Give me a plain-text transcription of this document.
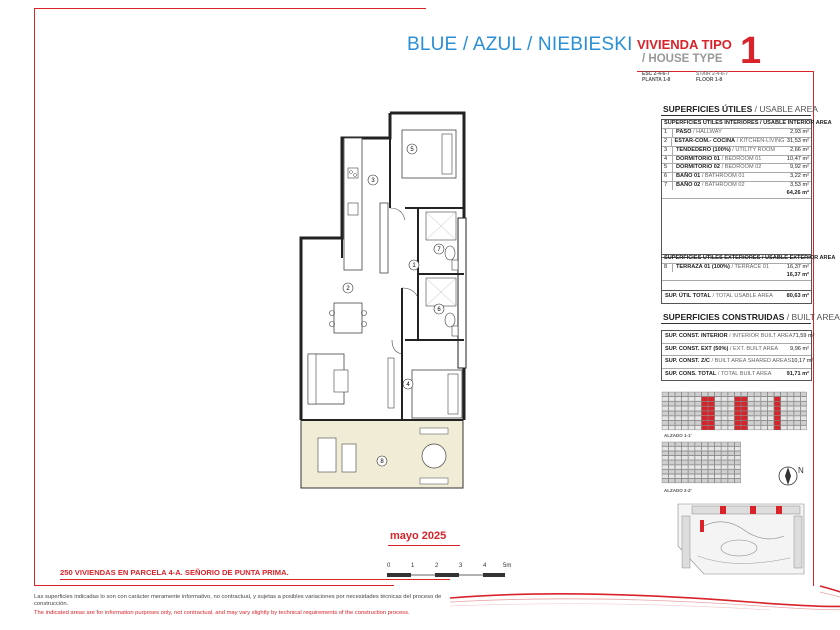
BLUE / AZUL / NIEBIESKI VIVIENDA TIPO
/ HOUSE TYPE 1
ESC 2-4-6-7
PLANTA 1-8
STAIR 2-4-6-7
FLOOR 1-8
SUPERFICIES ÚTILES / USABLE AREA
SUPERFICIES ÚTILES INTERIORES / USABLE INTERIOR AREA
1	PASO / HALLWAY	2,93 m²
2	ESTAR-COM.- COCINA / KITCHEN-LIVING 31,53 m²
3	TENDEDERO (100%) / UTILITY ROOM	2,66 m²
4	DORMITORIO 01 / BEDROOM 01	10,47 m²
5	DORMITORIO 02 / BEDROOM 02	9,92 m²
6	BAÑO 01 / BATHROOM 01	3,22 m²
7	BAÑO 02 / BATHROOM 02	3,53 m²
64,26 m²
SUPERFICIES ÚTILES EXTERIORES / USABLE EXTERIOR AREA
8	TERRAZA 01 (100%) / TERRACE 01	16,37 m²
16,37 m²
SUP. ÚTIL TOTAL / TOTAL USABLE AREA	80,63 m²
SUPERFICIES CONSTRUIDAS / BUILT AREA
SUP. CONST. INTERIOR / INTERIOR BUILT AREA 71,59 m²
SUP. CONST. EXT (50%) / EXT. BUILT AREA	9,96 m²
SUP. CONST. Z/C / BUILT AREA SHARED AREAS 10,17 m²
SUP. CONS. TOTAL / TOTAL BUILT AREA	91,71 m²
ALZADO 1-1'
ALZADO 2-2'
N
1
2
3
4
5
6
7
8
0	1	2	3	4	5m
mayo 2025
250 VIVIENDAS EN PARCELA 4-A. SEÑORIO DE PUNTA PRIMA.
Las superficies indicadas lo son con carácter meramente informativo, no contractual, y sujetas a posibles variaciones por necesidades técnicas del proceso de construcción.
The indicated areas are for information purposes only, not contractual, and may vary slightly by technical requirements of the construction process.
